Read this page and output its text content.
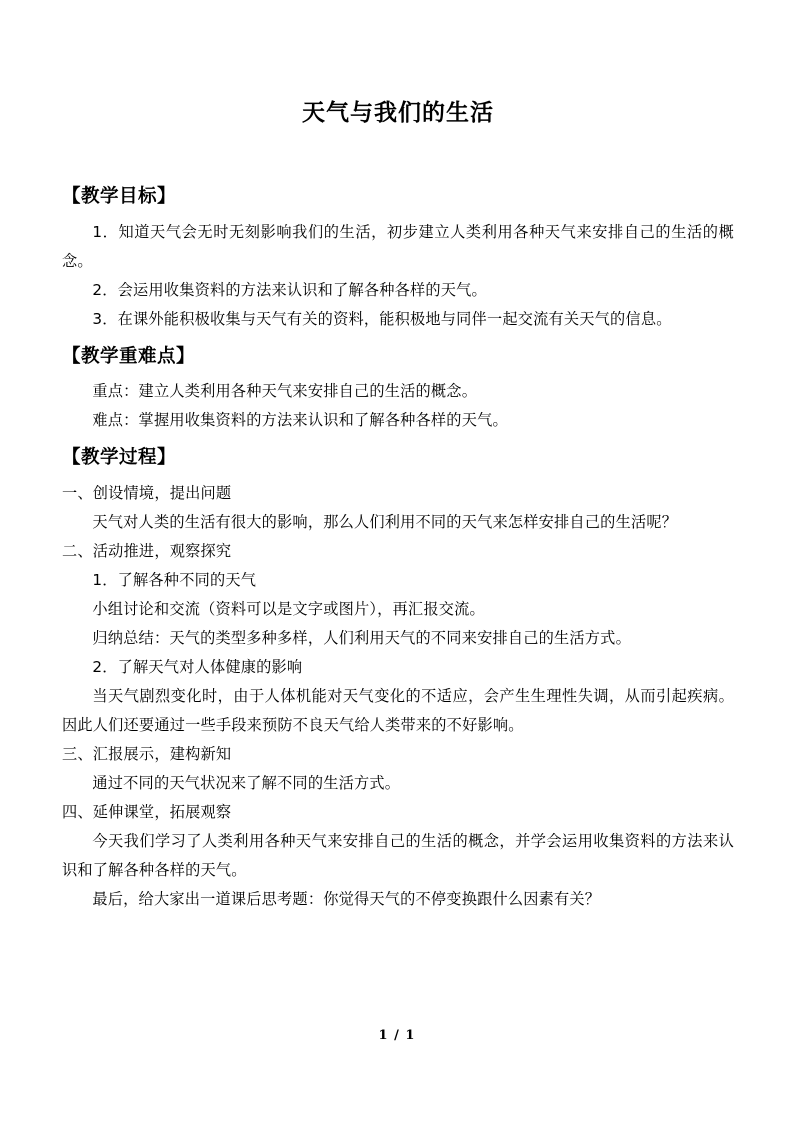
天气与我们的生活
【教学目标】

1．知道天气会无时无刻影响我们的生活，初步建立人类利用各种天气来安排自己的生活的概念。

2．会运用收集资料的方法来认识和了解各种各样的天气。

3．在课外能积极收集与天气有关的资料，能积极地与同伴一起交流有关天气的信息。

【教学重难点】

重点：建立人类利用各种天气来安排自己的生活的概念。

难点：掌握用收集资料的方法来认识和了解各种各样的天气。

【教学过程】

一、创设情境，提出问题

天气对人类的生活有很大的影响，那么人们利用不同的天气来怎样安排自己的生活呢？

二、活动推进，观察探究

1．了解各种不同的天气

小组讨论和交流（资料可以是文字或图片），再汇报交流。

归纳总结：天气的类型多种多样，人们利用天气的不同来安排自己的生活方式。

2．了解天气对人体健康的影响

当天气剧烈变化时，由于人体机能对天气变化的不适应，会产生生理性失调，从而引起疾病。因此人们还要通过一些手段来预防不良天气给人类带来的不好影响。

三、汇报展示，建构新知

通过不同的天气状况来了解不同的生活方式。

四、延伸课堂，拓展观察

今天我们学习了人类利用各种天气来安排自己的生活的概念，并学会运用收集资料的方法来认识和了解各种各样的天气。

最后，给大家出一道课后思考题：你觉得天气的不停变换跟什么因素有关？

1 / 1
